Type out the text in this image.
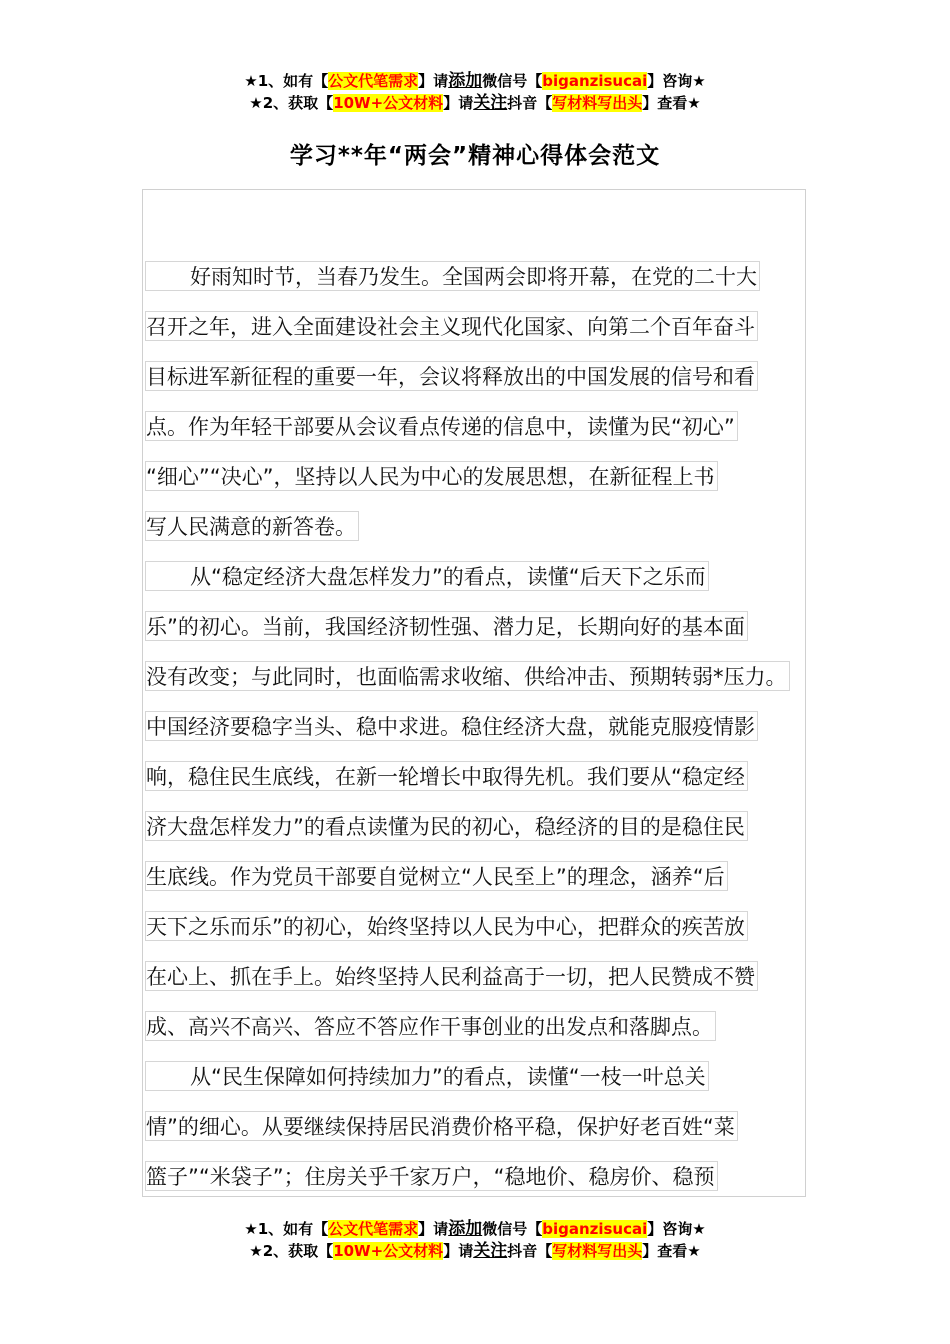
★1、如有【公文代笔需求】请添加微信号【biganzisucai】咨询★
★2、获取【10W+公文材料】请关注抖音【写材料写出头】查看★
学习**年“两会”精神心得体会范文
好雨知时节，当春乃发生。全国两会即将开幕，在党的二十大
召开之年，进入全面建设社会主义现代化国家、向第二个百年奋斗
目标进军新征程的重要一年，会议将释放出的中国发展的信号和看
点。作为年轻干部要从会议看点传递的信息中，读懂为民“初心”
“细心”“决心”，坚持以人民为中心的发展思想，在新征程上书
写人民满意的新答卷。
从“稳定经济大盘怎样发力”的看点，读懂“后天下之乐而
乐”的初心。当前，我国经济韧性强、潜力足，长期向好的基本面
没有改变；与此同时，也面临需求收缩、供给冲击、预期转弱*压力。
中国经济要稳字当头、稳中求进。稳住经济大盘，就能克服疫情影
响，稳住民生底线，在新一轮增长中取得先机。我们要从“稳定经
济大盘怎样发力”的看点读懂为民的初心，稳经济的目的是稳住民
生底线。作为党员干部要自觉树立“人民至上”的理念，涵养“后
天下之乐而乐”的初心，始终坚持以人民为中心，把群众的疾苦放
在心上、抓在手上。始终坚持人民利益高于一切，把人民赞成不赞
成、高兴不高兴、答应不答应作干事创业的出发点和落脚点。
从“民生保障如何持续加力”的看点，读懂“一枝一叶总关
情”的细心。从要继续保持居民消费价格平稳，保护好老百姓“菜
篮子”“米袋子”；住房关乎千家万户，“稳地价、稳房价、稳预
★1、如有【公文代笔需求】请添加微信号【biganzisucai】咨询★
★2、获取【10W+公文材料】请关注抖音【写材料写出头】查看★
